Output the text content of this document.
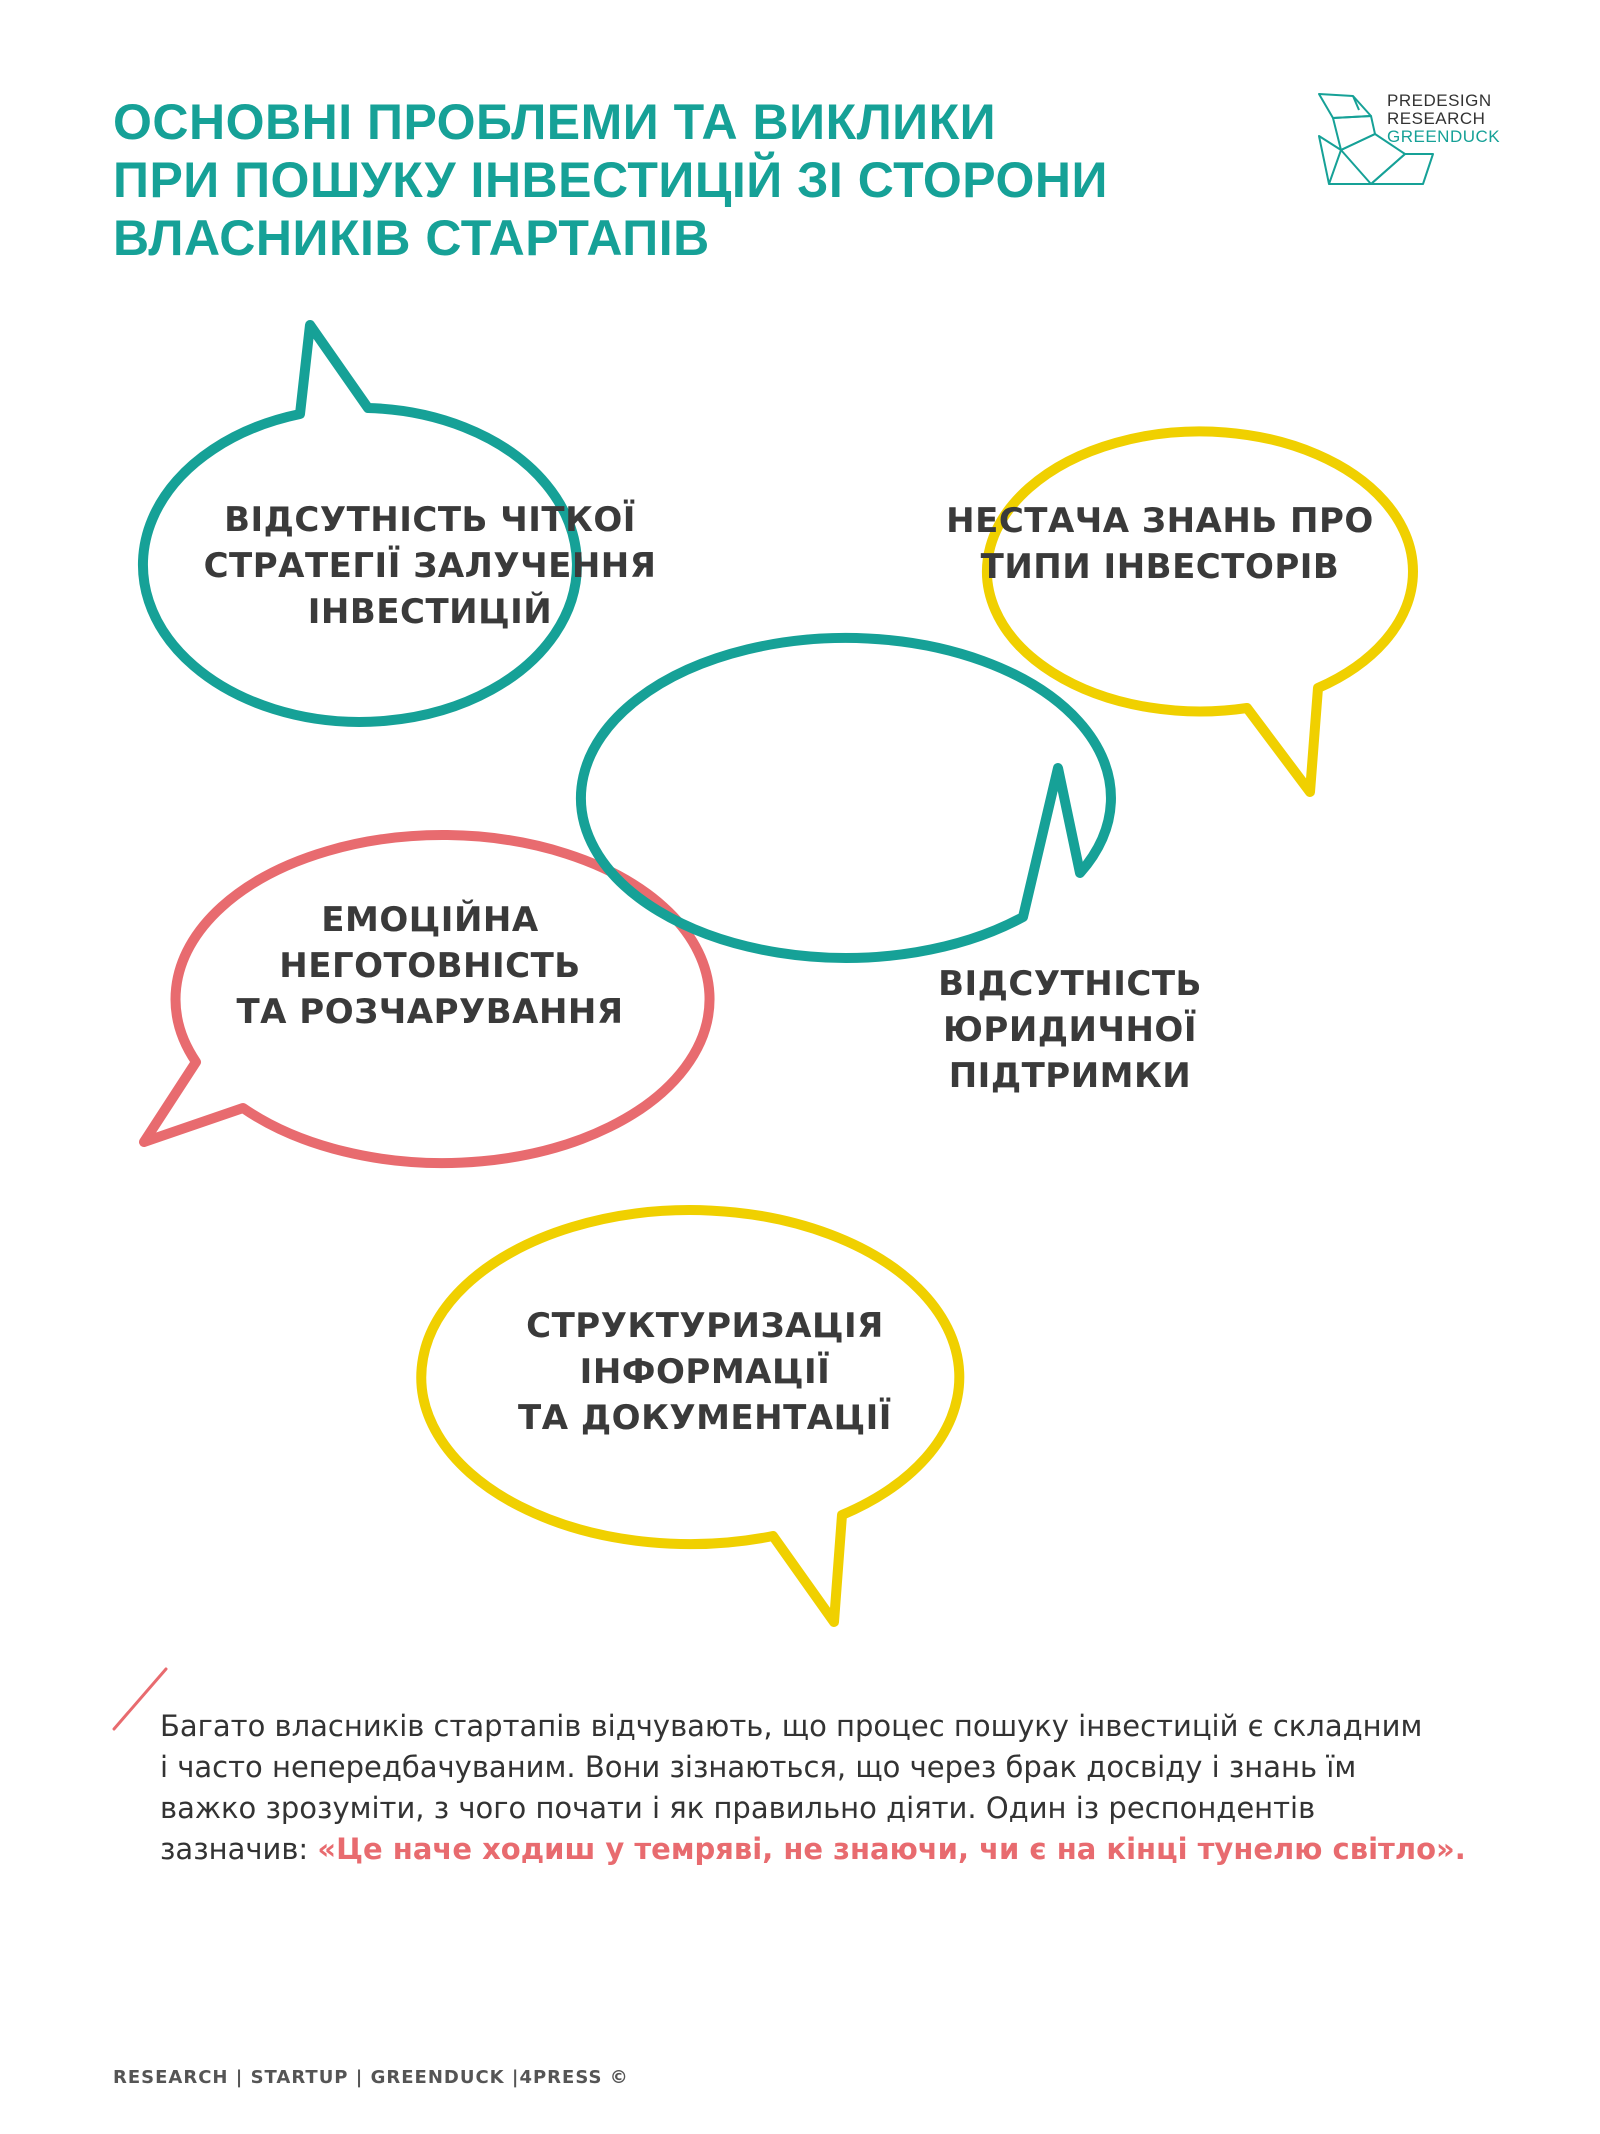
ОСНОВНІ ПРОБЛЕМИ ТА ВИКЛИКИ
ПРИ ПОШУКУ ІНВЕСТИЦІЙ ЗІ СТОРОНИ
ВЛАСНИКІВ СТАРТАПІВ
PREDESIGN
RESEARCH
GREENDUCK
ВІДСУТНІСТЬ ЧІТКОЇ
СТРАТЕГІЇ ЗАЛУЧЕННЯ
ІНВЕСТИЦІЙ
НЕСТАЧА ЗНАНЬ ПРО
ТИПИ ІНВЕСТОРІВ
ЕМОЦІЙНА
НЕГОТОВНІСТЬ
ТА РОЗЧАРУВАННЯ
ВІДСУТНІСТЬ
ЮРИДИЧНОЇ
ПІДТРИМКИ
СТРУКТУРИЗАЦІЯ
ІНФОРМАЦІЇ
ТА ДОКУМЕНТАЦІЇ
Багато власників стартапів відчувають, що процес пошуку інвестицій є складним
і часто непередбачуваним. Вони зізнаються, що через брак досвіду і знань їм
важко зрозуміти, з чого почати і як правильно діяти. Один із респондентів
зазначив: «Це наче ходиш у темряві, не знаючи, чи є на кінці тунелю світло».
RESEARCH | STARTUP | GREENDUCK |4PRESS ©
